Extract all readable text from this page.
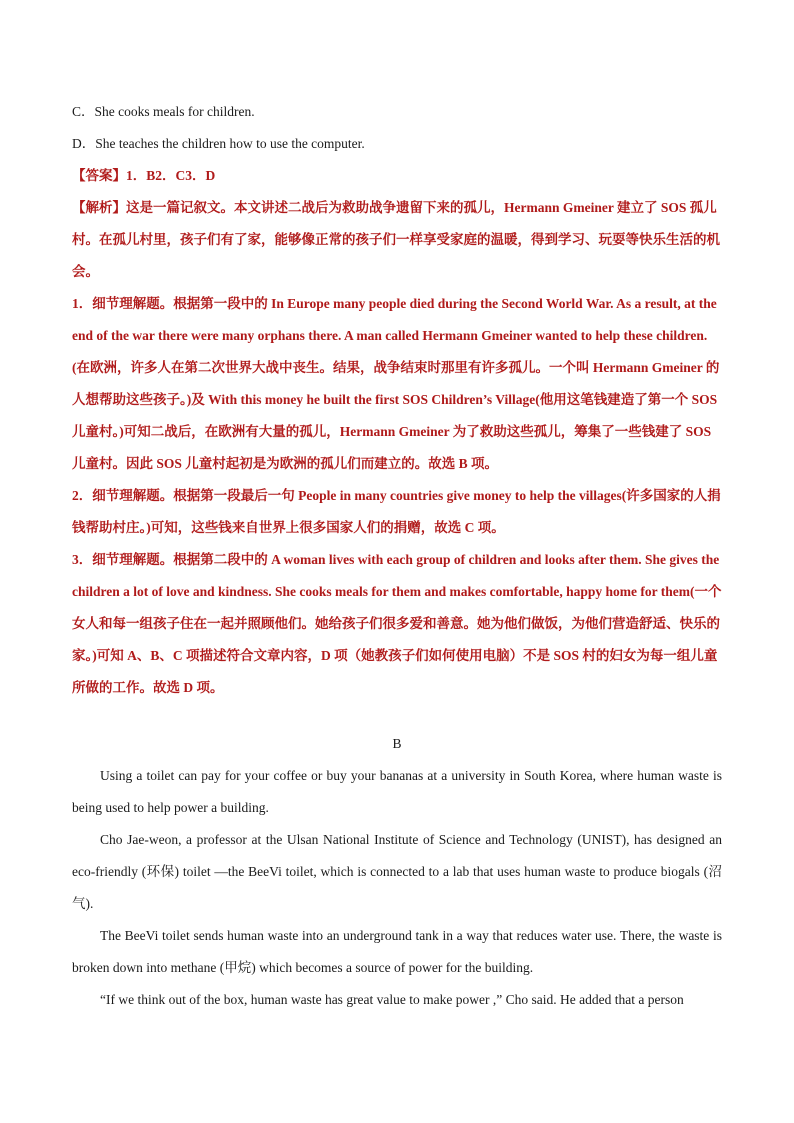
C．She cooks meals for children.
D．She teaches the children how to use the computer.
【答案】1．B2．C3．D

【解析】这是一篇记叙文。本文讲述二战后为救助战争遗留下来的孤儿，Hermann Gmeiner 建立了 SOS 孤儿村。在孤儿村里，孩子们有了家，能够像正常的孩子们一样享受家庭的温暖，得到学习、玩耍等快乐生活的机会。

1．细节理解题。根据第一段中的 In Europe many people died during the Second World War. As a result, at the end of the war there were many orphans there. A man called Hermann Gmeiner wanted to help these children.(在欧洲，许多人在第二次世界大战中丧生。结果，战争结束时那里有许多孤儿。一个叫 Hermann Gmeiner 的人想帮助这些孩子。)及 With this money he built the first SOS Children’s Village(他用这笔钱建造了第一个 SOS 儿童村。)可知二战后，在欧洲有大量的孤儿，Hermann Gmeiner 为了救助这些孤儿，筹集了一些钱建了 SOS 儿童村。因此 SOS 儿童村起初是为欧洲的孤儿们而建立的。故选 B 项。

2．细节理解题。根据第一段最后一句 People in many countries give money to help the villages(许多国家的人捐钱帮助村庄。)可知，这些钱来自世界上很多国家人们的捐赠，故选 C 项。

3．细节理解题。根据第二段中的 A woman lives with each group of children and looks after them. She gives the children a lot of love and kindness. She cooks meals for them and makes comfortable, happy home for them(一个女人和每一组孩子住在一起并照顾他们。她给孩子们很多爱和善意。她为他们做饭，为他们营造舒适、快乐的家。)可知 A、B、C 项描述符合文章内容，D 项（她教孩子们如何使用电脑）不是 SOS 村的妇女为每一组儿童所做的工作。故选 D 项。

B

Using a toilet can pay for your coffee or buy your bananas at a university in South Korea, where human waste is being used to help power a building.

Cho Jae-weon, a professor at the Ulsan National Institute of Science and Technology (UNIST), has designed an eco-friendly (环保) toilet —the BeeVi toilet, which is connected to a lab that uses human waste to produce biogals (沼气).

The BeeVi toilet sends human waste into an underground tank in a way that reduces water use. There, the waste is broken down into methane (甲烷) which becomes a source of power for the building.

“If we think out of the box, human waste has great value to make power ,” Cho said. He added that a person
